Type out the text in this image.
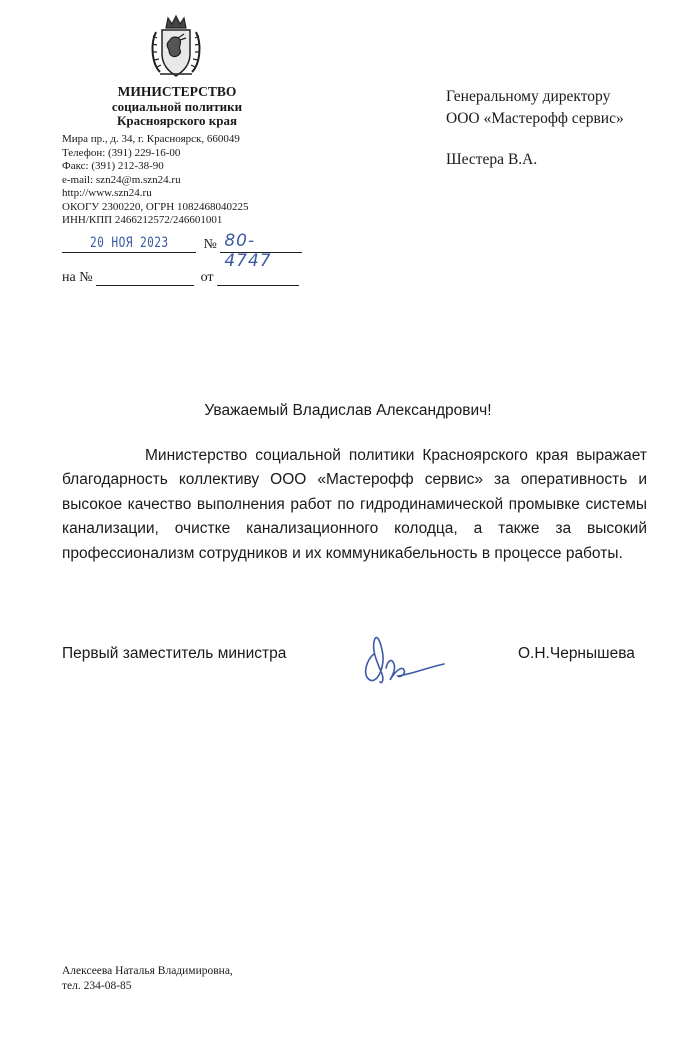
МИНИСТЕРСТВО
социальной политики
Красноярского края
Мира пр., д. 34, г. Красноярск, 660049
Телефон: (391) 229-16-00
Факс: (391) 212-38-90
e-mail: szn24@m.szn24.ru
http://www.szn24.ru
ОКОГУ 2300220, ОГРН 1082468040225
ИНН/КПП 2466212572/246601001
20 НОЯ 2023 № 80-4747
на №	от
Генеральному директору
ООО «Мастерофф сервис»
Шестера В.А.
Уважаемый Владислав Александрович!
Министерство социальной политики Красноярского края выражает благодарность коллективу ООО «Мастерофф сервис» за оперативность и высокое качество выполнения работ по гидродинамической промывке системы канализации, очистке канализационного колодца, а также за высокий профессионализм сотрудников и их коммуникабельность в процессе работы.
Первый заместитель министра	О.Н.Чернышева
Алексеева Наталья Владимировна,
тел. 234-08-85
